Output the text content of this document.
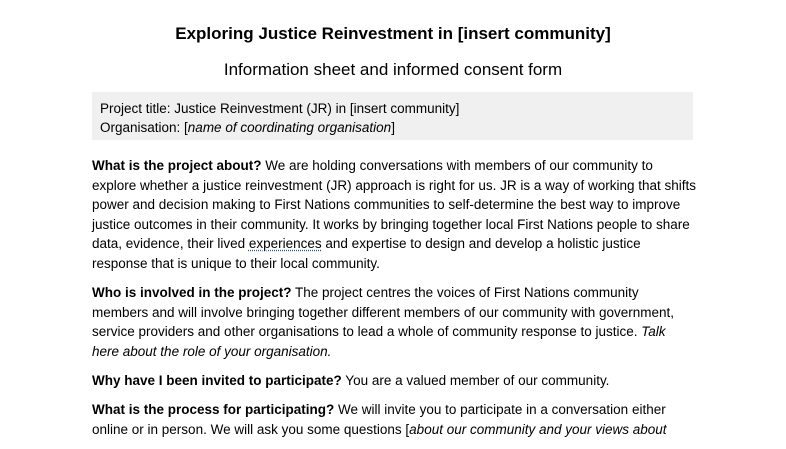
Exploring Justice Reinvestment in [insert community]
Information sheet and informed consent form
Project title: Justice Reinvestment (JR) in [insert community]
Organisation: [name of coordinating organisation]

What is the project about? We are holding conversations with members of our community to explore whether a justice reinvestment (JR) approach is right for us. JR is a way of working that shifts power and decision making to First Nations communities to self-determine the best way to improve justice outcomes in their community. It works by bringing together local First Nations people to share data, evidence, their lived experiences and expertise to design and develop a holistic justice response that is unique to their local community.

Who is involved in the project? The project centres the voices of First Nations community members and will involve bringing together different members of our community with government, service providers and other organisations to lead a whole of community response to justice. Talk here about the role of your organisation.

Why have I been invited to participate? You are a valued member of our community.

What is the process for participating? We will invite you to participate in a conversation either online or in person. We will ask you some questions [about our community and your views about
